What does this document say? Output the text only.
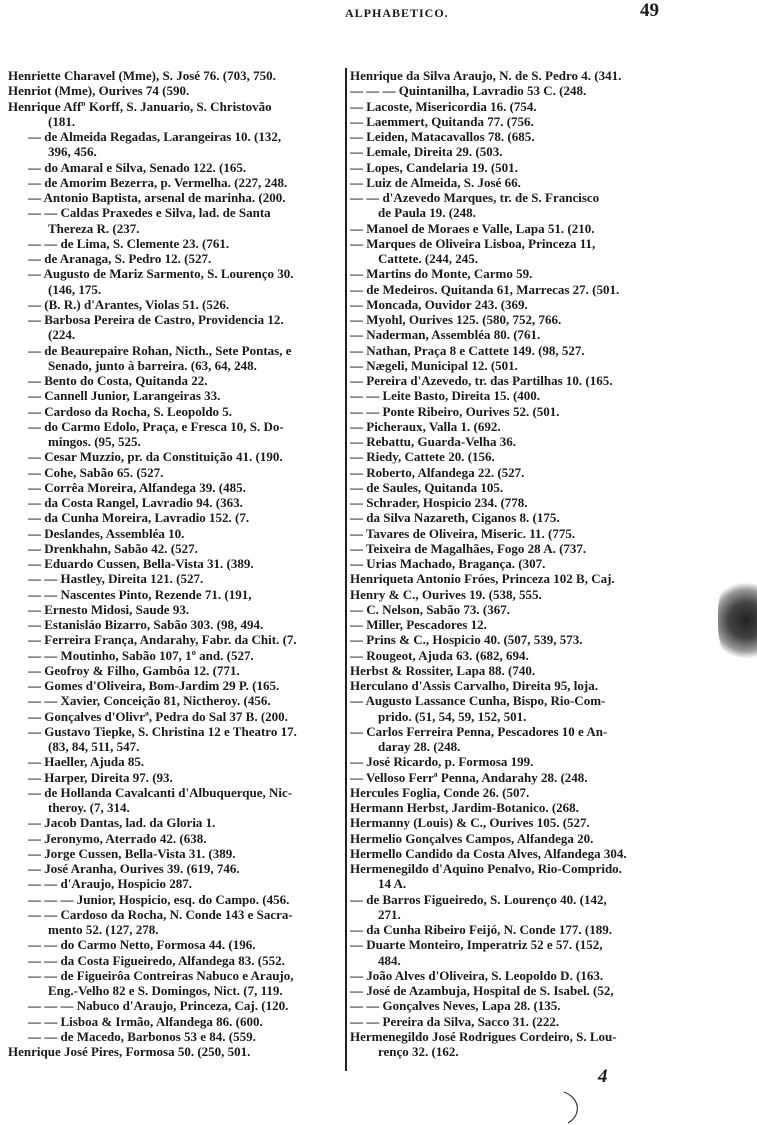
ALPHABETICO.	49
Henriette Charavel (Mme), S. José 76. (703, 750.
Henriot (Mme), Ourives 74 (590.
Henrique Affº Korff, S. Januario, S. Christovão
(181.
— de Almeida Regadas, Larangeiras 10. (132,
396, 456.
— do Amaral e Silva, Senado 122. (165.
— de Amorim Bezerra, p. Vermelha. (227, 248.
— Antonio Baptista, arsenal de marinha. (200.
— — Caldas Praxedes e Silva, lad. de Santa
Thereza R. (237.
— — de Lima, S. Clemente 23. (761.
— de Aranaga, S. Pedro 12. (527.
— Augusto de Mariz Sarmento, S. Lourenço 30.
(146, 175.
— (B. R.) d'Arantes, Violas 51. (526.
— Barbosa Pereira de Castro, Providencia 12.
(224.
— de Beaurepaire Rohan, Nicth., Sete Pontas, e
Senado, junto à barreira. (63, 64, 248.
— Bento do Costa, Quitanda 22.
— Cannell Junior, Larangeiras 33.
— Cardoso da Rocha, S. Leopoldo 5.
— do Carmo Edolo, Praça, e Fresca 10, S. Do-
mingos. (95, 525.
— Cesar Muzzio, pr. da Constituição 41. (190.
— Cohe, Sabão 65. (527.
— Corrêa Moreira, Alfandega 39. (485.
— da Costa Rangel, Lavradio 94. (363.
— da Cunha Moreira, Lavradio 152. (7.
— Deslandes, Assembléa 10.
— Drenkhahn, Sabão 42. (527.
— Eduardo Cussen, Bella-Vista 31. (389.
— — Hastley, Direita 121. (527.
— — Nascentes Pinto, Rezende 71. (191,
— Ernesto Midosi, Saude 93.
— Estanisláo Bizarro, Sabão 303. (98, 494.
— Ferreira França, Andarahy, Fabr. da Chit. (7.
— — Moutinho, Sabão 107, 1º and. (527.
— Geofroy & Filho, Gambôa 12. (771.
— Gomes d'Oliveira, Bom-Jardim 29 P. (165.
— — Xavier, Conceição 81, Nictheroy. (456.
— Gonçalves d'Olivrª, Pedra do Sal 37 B. (200.
— Gustavo Tiepke, S. Christina 12 e Theatro 17.
(83, 84, 511, 547.
— Haeller, Ajuda 85.
— Harper, Direita 97. (93.
— de Hollanda Cavalcanti d'Albuquerque, Nic-
theroy. (7, 314.
— Jacob Dantas, lad. da Gloria 1.
— Jeronymo, Aterrado 42. (638.
— Jorge Cussen, Bella-Vista 31. (389.
— José Aranha, Ourives 39. (619, 746.
— — d'Araujo, Hospicio 287.
— — — Junior, Hospicio, esq. do Campo. (456.
— — Cardoso da Rocha, N. Conde 143 e Sacra-
mento 52. (127, 278.
— — do Carmo Netto, Formosa 44. (196.
— — da Costa Figueiredo, Alfandega 83. (552.
— — de Figueirôa Contreiras Nabuco e Araujo,
Eng.-Velho 82 e S. Domingos, Nict. (7, 119.
— — — Nabuco d'Araujo, Princeza, Caj. (120.
— — Lisboa & Irmão, Alfandega 86. (600.
— — de Macedo, Barbonos 53 e 84. (559.
Henrique José Pires, Formosa 50. (250, 501.
Henrique da Silva Araujo, N. de S. Pedro 4. (341.
— — — Quintanilha, Lavradio 53 C. (248.
— Lacoste, Misericordia 16. (754.
— Laemmert, Quitanda 77. (756.
— Leiden, Matacavallos 78. (685.
— Lemale, Direita 29. (503.
— Lopes, Candelaria 19. (501.
— Luiz de Almeida, S. José 66.
— — d'Azevedo Marques, tr. de S. Francisco
de Paula 19. (248.
— Manoel de Moraes e Valle, Lapa 51. (210.
— Marques de Oliveira Lisboa, Princeza 11,
Cattete. (244, 245.
— Martins do Monte, Carmo 59.
— de Medeiros. Quitanda 61, Marrecas 27. (501.
— Moncada, Ouvidor 243. (369.
— Myohl, Ourives 125. (580, 752, 766.
— Naderman, Assembléa 80. (761.
— Nathan, Praça 8 e Cattete 149. (98, 527.
— Nægeli, Municipal 12. (501.
— Pereira d'Azevedo, tr. das Partilhas 10. (165.
— — Leite Basto, Direita 15. (400.
— — Ponte Ribeiro, Ourives 52. (501.
— Picheraux, Valla 1. (692.
— Rebattu, Guarda-Velha 36.
— Riedy, Cattete 20. (156.
— Roberto, Alfandega 22. (527.
— de Saules, Quitanda 105.
— Schrader, Hospicio 234. (778.
— da Silva Nazareth, Ciganos 8. (175.
— Tavares de Oliveira, Miseric. 11. (775.
— Teixeira de Magalhães, Fogo 28 A. (737.
— Urias Machado, Bragança. (307.
Henriqueta Antonio Fróes, Princeza 102 B, Caj.
Henry & C., Ourives 19. (538, 555.
— C. Nelson, Sabão 73. (367.
— Miller, Pescadores 12.
— Prins & C., Hospicio 40. (507, 539, 573.
— Rougeot, Ajuda 63. (682, 694.
Herbst & Rossiter, Lapa 88. (740.
Herculano d'Assis Carvalho, Direita 95, loja.
— Augusto Lassance Cunha, Bispo, Rio-Com-
prido. (51, 54, 59, 152, 501.
— Carlos Ferreira Penna, Pescadores 10 e An-
daray 28. (248.
— José Ricardo, p. Formosa 199.
— Velloso Ferrª Penna, Andarahy 28. (248.
Hercules Foglia, Conde 26. (507.
Hermann Herbst, Jardim-Botanico. (268.
Hermanny (Louis) & C., Ourives 105. (527.
Hermelio Gonçalves Campos, Alfandega 20.
Hermello Candido da Costa Alves, Alfandega 304.
Hermenegildo d'Aquino Penalvo, Rio-Comprido.
14 A.
— de Barros Figueiredo, S. Lourenço 40. (142,
271.
— da Cunha Ribeiro Feijó, N. Conde 177. (189.
— Duarte Monteiro, Imperatriz 52 e 57. (152,
484.
— João Alves d'Oliveira, S. Leopoldo D. (163.
— José de Azambuja, Hospital de S. Isabel. (52,
— — Gonçalves Neves, Lapa 28. (135.
— — Pereira da Silva, Sacco 31. (222.
Hermenegildo José Rodrigues Cordeiro, S. Lou-
renço 32. (162.
4
